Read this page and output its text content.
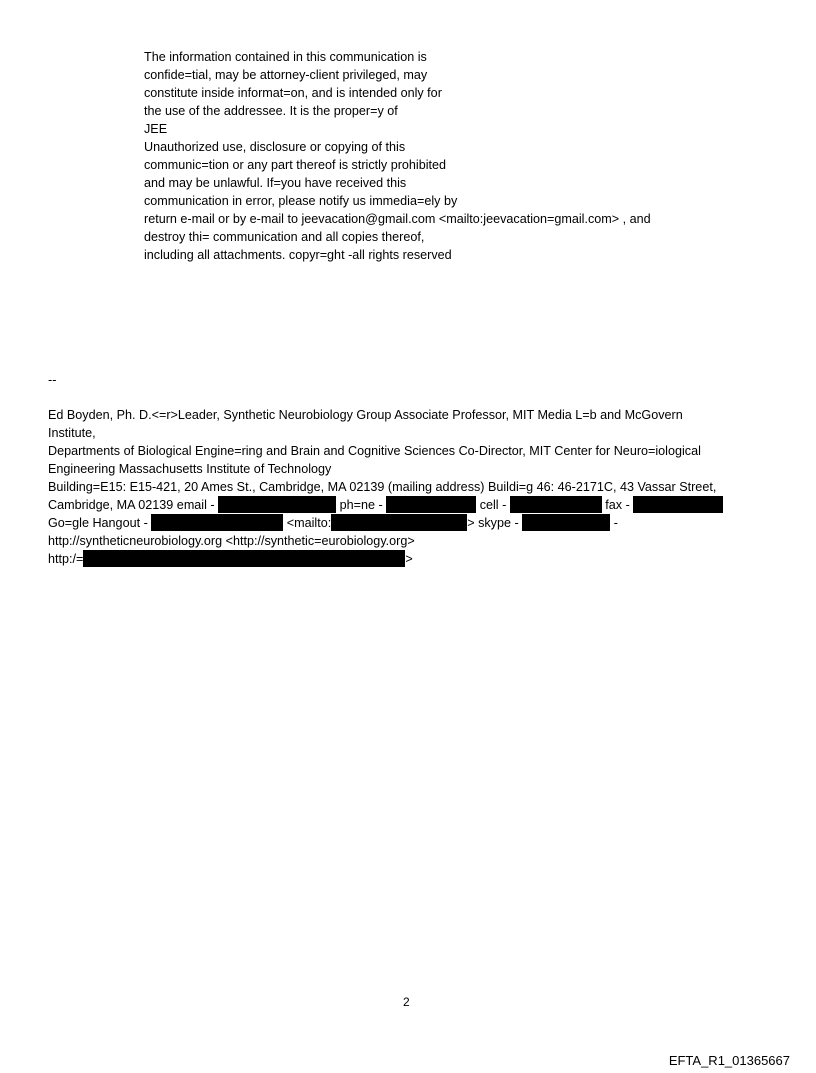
The information contained in this communication is
confide=tial, may be attorney-client privileged, may
constitute inside informat=on, and is intended only for
the use of the addressee. It is the proper=y of
JEE
Unauthorized use, disclosure or copying of this
communic=tion or any part thereof is strictly prohibited
and may be unlawful. If=you have received this
communication in error, please notify us immedia=ely by
return e-mail or by e-mail to jeevacation@gmail.com <mailto:jeevacation=gmail.com> , and
destroy thi= communication and all copies thereof,
including all attachments. copyr=ght -all rights reserved
--
Ed Boyden, Ph. D.<=r>Leader, Synthetic Neurobiology Group Associate Professor, MIT Media L=b and McGovern
Institute,
Departments of Biological Engine=ring and Brain and Cognitive Sciences Co-Director, MIT Center for Neuro=iological
Engineering Massachusetts Institute of Technology
Building=E15: E15-421, 20 Ames St., Cambridge, MA 02139 (mailing address) Buildi=g 46: 46-2171C, 43 Vassar Street,
Cambridge, MA 02139 email -	ph=ne -	cell -	fax -
Go=gle Hangout -	<mailto:	> skype -	-
http://syntheticneurobiology.org <http://synthetic=eurobiology.org>
http:/=	>
2
EFTA_R1_01365667
